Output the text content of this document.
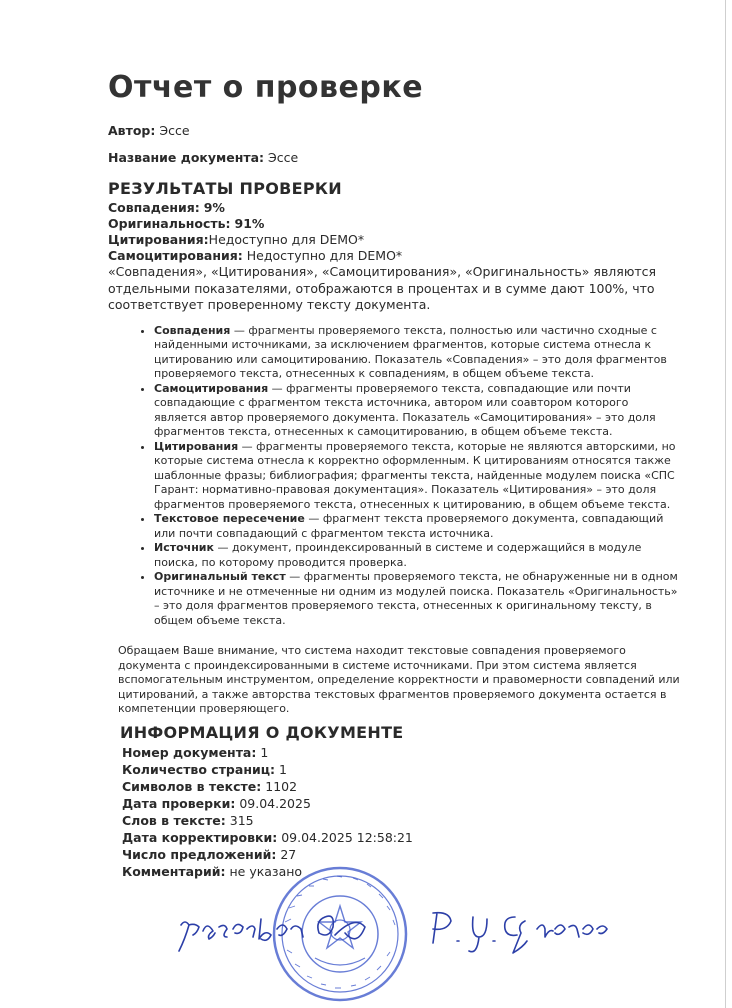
Отчет о проверке
Автор: Эссе
Название документа: Эссе
РЕЗУЛЬТАТЫ ПРОВЕРКИ
Совпадения: 9%
Оригинальность: 91%
Цитирования:Недоступно для DEMO*
Самоцитирования: Недоступно для DEMO*
«Совпадения», «Цитирования», «Самоцитирования», «Оригинальность» являются отдельными показателями, отображаются в процентах и в сумме дают 100%, что соответствует проверенному тексту документа.
• Совпадения — фрагменты проверяемого текста, полностью или частично сходные с найденными источниками, за исключением фрагментов, которые система отнесла к цитированию или самоцитированию. Показатель «Совпадения» – это доля фрагментов проверяемого текста, отнесенных к совпадениям, в общем объеме текста.
• Самоцитирования — фрагменты проверяемого текста, совпадающие или почти совпадающие с фрагментом текста источника, автором или соавтором которого является автор проверяемого документа. Показатель «Самоцитирования» – это доля фрагментов текста, отнесенных к самоцитированию, в общем объеме текста.
• Цитирования — фрагменты проверяемого текста, которые не являются авторскими, но которые система отнесла к корректно оформленным. К цитированиям относятся также шаблонные фразы; библиография; фрагменты текста, найденные модулем поиска «СПС Гарант: нормативно-правовая документация». Показатель «Цитирования» – это доля фрагментов проверяемого текста, отнесенных к цитированию, в общем объеме текста.
• Текстовое пересечение — фрагмент текста проверяемого документа, совпадающий или почти совпадающий с фрагментом текста источника.
• Источник — документ, проиндексированный в системе и содержащийся в модуле поиска, по которому проводится проверка.
• Оригинальный текст — фрагменты проверяемого текста, не обнаруженные ни в одном источнике и не отмеченные ни одним из модулей поиска. Показатель «Оригинальность» – это доля фрагментов проверяемого текста, отнесенных к оригинальному тексту, в общем объеме текста.
Обращаем Ваше внимание, что система находит текстовые совпадения проверяемого документа с проиндексированными в системе источниками. При этом система является вспомогательным инструментом, определение корректности и правомерности совпадений или цитирований, а также авторства текстовых фрагментов проверяемого документа остается в компетенции проверяющего.
ИНФОРМАЦИЯ О ДОКУМЕНТЕ
Номер документа: 1
Количество страниц: 1
Символов в тексте: 1102
Дата проверки: 09.04.2025
Слов в тексте: 315
Дата корректировки: 09.04.2025 12:58:21
Число предложений: 27
Комментарий: не указано
